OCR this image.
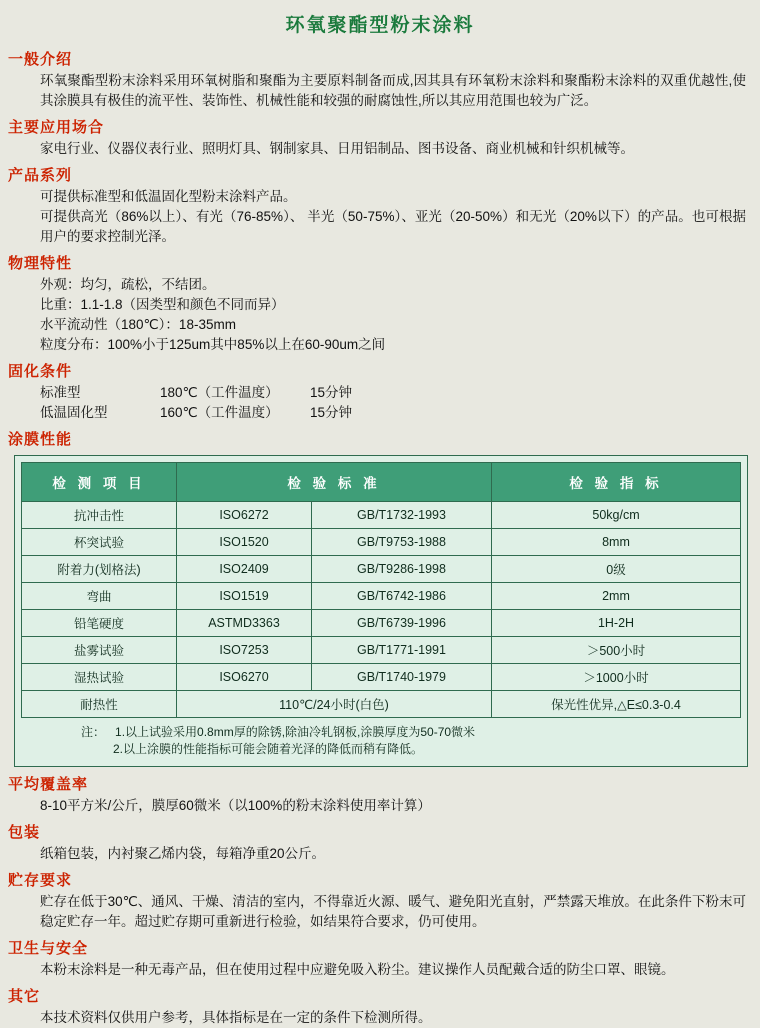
环氧聚酯型粉末涂料
一般介绍
环氧聚酯型粉末涂料采用环氧树脂和聚酯为主要原料制备而成,因其具有环氧粉末涂料和聚酯粉末涂料的双重优越性,使其涂膜具有极佳的流平性、装饰性、机械性能和较强的耐腐蚀性,所以其应用范围也较为广泛。
主要应用场合
家电行业、仪器仪表行业、照明灯具、钢制家具、日用铝制品、图书设备、商业机械和针织机械等。
产品系列
可提供标准型和低温固化型粉末涂料产品。
可提供高光（86%以上）、有光（76-85%）、 半光（50-75%）、亚光（20-50%）和无光（20%以下）的产品。也可根据用户的要求控制光泽。
物理特性
外观：均匀，疏松，不结团。
比重：1.1-1.8（因类型和颜色不同而异）
水平流动性（180℃）：18-35mm
粒度分布：100%小于125um其中85%以上在60-90um之间
固化条件
标准型	180℃（工件温度）	15分钟
低温固化型	160℃（工件温度）	15分钟
涂膜性能
检 测 项 目	检 验 标 准		检 验 指 标
抗冲击性	ISO6272	GB/T1732-1993	50kg/cm
杯突试验	ISO1520	GB/T9753-1988	8mm
附着力(划格法)	ISO2409	GB/T9286-1998	0级
弯曲	ISO1519	GB/T6742-1986	2mm
铅笔硬度	ASTMD3363	GB/T6739-1996	1H-2H
盐雾试验	ISO7253	GB/T1771-1991	＞500小时
湿热试验	ISO6270	GB/T1740-1979	＞1000小时
耐热性	110℃/24小时(白色)		保光性优异,△E≤0.3-0.4
注： 1.以上试验采用0.8mm厚的除锈,除油冷轧钢板,涂膜厚度为50-70微米
2.以上涂膜的性能指标可能会随着光泽的降低而稍有降低。
平均覆盖率
8-10平方米/公斤，膜厚60微米（以100%的粉末涂料使用率计算）
包装
纸箱包装，内衬聚乙烯内袋，每箱净重20公斤。
贮存要求
贮存在低于30℃、通风、干燥、清洁的室内，不得靠近火源、暖气、避免阳光直射，严禁露天堆放。在此条件下粉末可稳定贮存一年。超过贮存期可重新进行检验，如结果符合要求，仍可使用。
卫生与安全
本粉末涂料是一种无毒产品，但在使用过程中应避免吸入粉尘。建议操作人员配戴合适的防尘口罩、眼镜。
其它
本技术资料仅供用户参考，具体指标是在一定的条件下检测所得。
